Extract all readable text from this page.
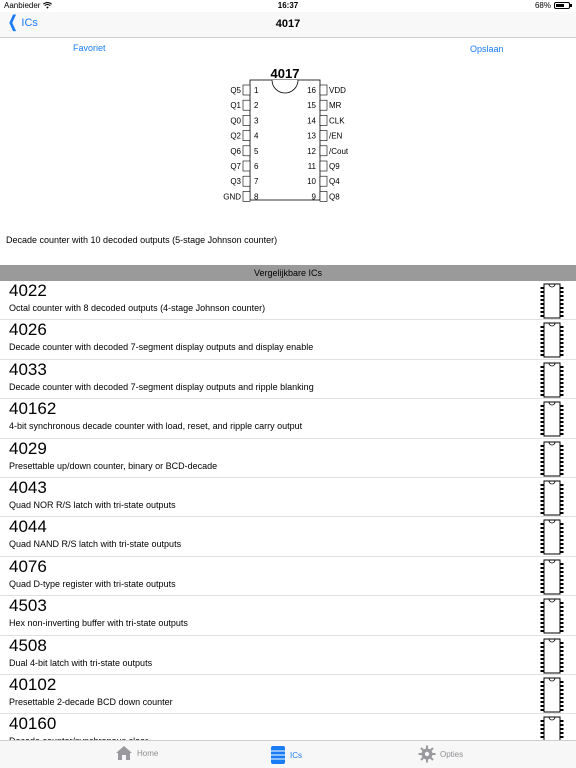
Aanbieder	16:37	68%
❮ ICs	4017
Favoriet	Opslaan
4017
Q5 1
Q1 2
Q0 3
Q2 4
Q6 5
Q7 6
Q3 7
GND 8
16 VDD
15 MR
14 CLK
13 /EN
12 /Cout
11 Q9
10 Q4
9 Q8
Decade counter with 10 decoded outputs (5-stage Johnson counter)
Vergelijkbare ICs
4022
Octal counter with 8 decoded outputs (4-stage Johnson counter)
4026
Decade counter with decoded 7-segment display outputs and display enable
4033
Decade counter with decoded 7-segment display outputs and ripple blanking
40162
4-bit synchronous decade counter with load, reset, and ripple carry output
4029
Presettable up/down counter, binary or BCD-decade
4043
Quad NOR R/S latch with tri-state outputs
4044
Quad NAND R/S latch with tri-state outputs
4076
Quad D-type register with tri-state outputs
4503
Hex non-inverting buffer with tri-state outputs
4508
Dual 4-bit latch with tri-state outputs
40102
Presettable 2-decade BCD down counter
40160
Home	ICs	Opties
